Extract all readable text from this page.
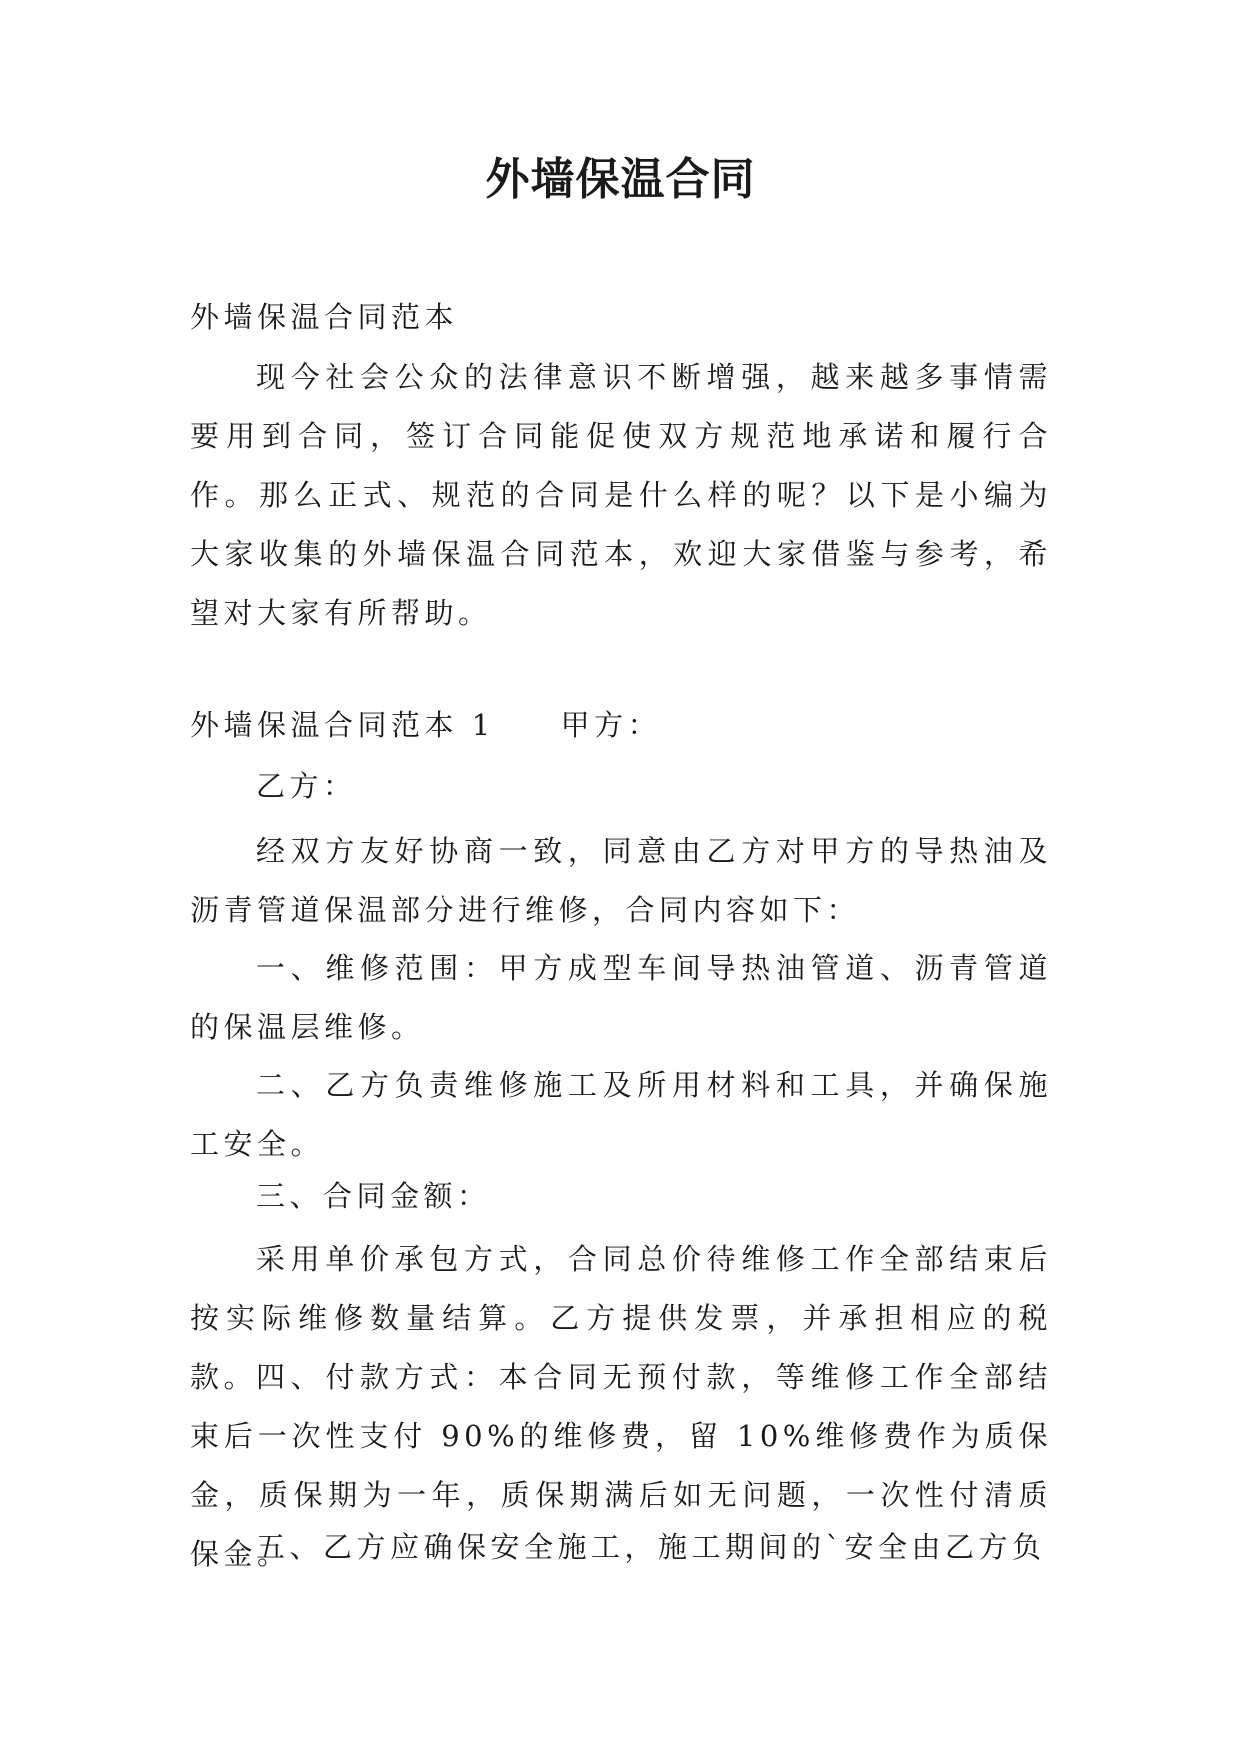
外墙保温合同

外墙保温合同范本

现今社会公众的法律意识不断增强，越来越多事情需要用到合同，签订合同能促使双方规范地承诺和履行合作。那么正式、规范的合同是什么样的呢？以下是小编为大家收集的外墙保温合同范本，欢迎大家借鉴与参考，希望对大家有所帮助。

外墙保温合同范本 1 甲方：

乙方：

经双方友好协商一致，同意由乙方对甲方的导热油及沥青管道保温部分进行维修，合同内容如下：

一、维修范围：甲方成型车间导热油管道、沥青管道的保温层维修。

二、乙方负责维修施工及所用材料和工具，并确保施工安全。

三、合同金额：

采用单价承包方式，合同总价待维修工作全部结束后按实际维修数量结算。乙方提供发票，并承担相应的税款。

四、付款方式：本合同无预付款，等维修工作全部结束后一次性支付 90%的维修费，留 10%维修费作为质保金，质保期为一年，质保期满后如无问题，一次性付清质保金。

五、乙方应确保安全施工，施工期间的`安全由乙方负
